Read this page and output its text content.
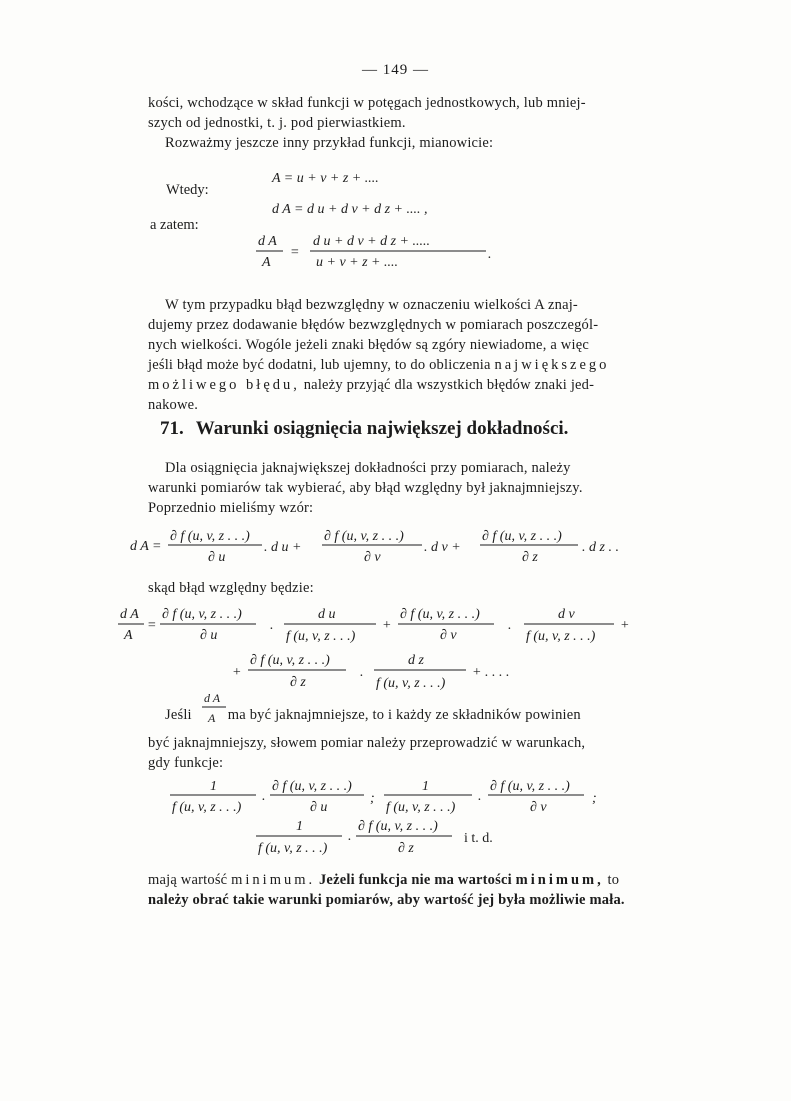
— 149 —
kości, wchodzące w skład funkcji w potęgach jednostkowych, lub mniej-
szych od jednostki, t. j. pod pierwiastkiem.
Rozważmy jeszcze inny przykład funkcji, mianowicie:
Wtedy:
a zatem:
W tym przypadku błąd bezwzględny w oznaczeniu wielkości A znaj-
dujemy przez dodawanie błędów bezwzględnych w pomiarach poszczegól-
nych wielkości. Wogóle jeżeli znaki błędów są zgóry niewiadome, a więc
jeśli błąd może być dodatni, lub ujemny, to do obliczenia największego
możliwego błędu, należy przyjąć dla wszystkich błędów znaki jed-
nakowe.
71. Warunki osiągnięcia największej dokładności.
Dla osiągnięcia jaknajwiększej dokładności przy pomiarach, należy
warunki pomiarów tak wybierać, aby błąd względny był jaknajmniejszy.
Poprzednio mieliśmy wzór:
skąd błąd względny będzie:
Jeśli ma być jaknajmniejsze, to i każdy ze składników powinien
być jaknajmniejszy, słowem pomiar należy przeprowadzić w warunkach,
gdy funkcje:
mają wartość minimum. Jeżeli funkcja nie ma wartości minimum, to
należy obrać takie warunki pomiarów, aby wartość jej była możliwie mała.
A = u + v + z + ....
d A = d u + d v + d z + .... ,
d A
A
=
d u + d v + d z + .....
u + v + z + ....
.
d A =
∂ f (u, v, z . . .)
∂ u
. d u +
∂ f (u, v, z . . .)
∂ v
. d v +
∂ f (u, v, z . . .)
∂ z
. d z . .
d A
A
=
∂ f (u, v, z . . .)
∂ u
.
d u
f (u, v, z . . .)
+
∂ f (u, v, z . . .)
∂ v
.
d v
f (u, v, z . . .)
+
+
∂ f (u, v, z . . .)
∂ z
.
d z
f (u, v, z . . .)
+ . . . .
d A
A
1
f (u, v, z . . .)
.
∂ f (u, v, z . . .)
∂ u
;
1
f (u, v, z . . .)
.
∂ f (u, v, z . . .)
∂ v
;
1
f (u, v, z . . .)
.
∂ f (u, v, z . . .)
∂ z
i t. d.
